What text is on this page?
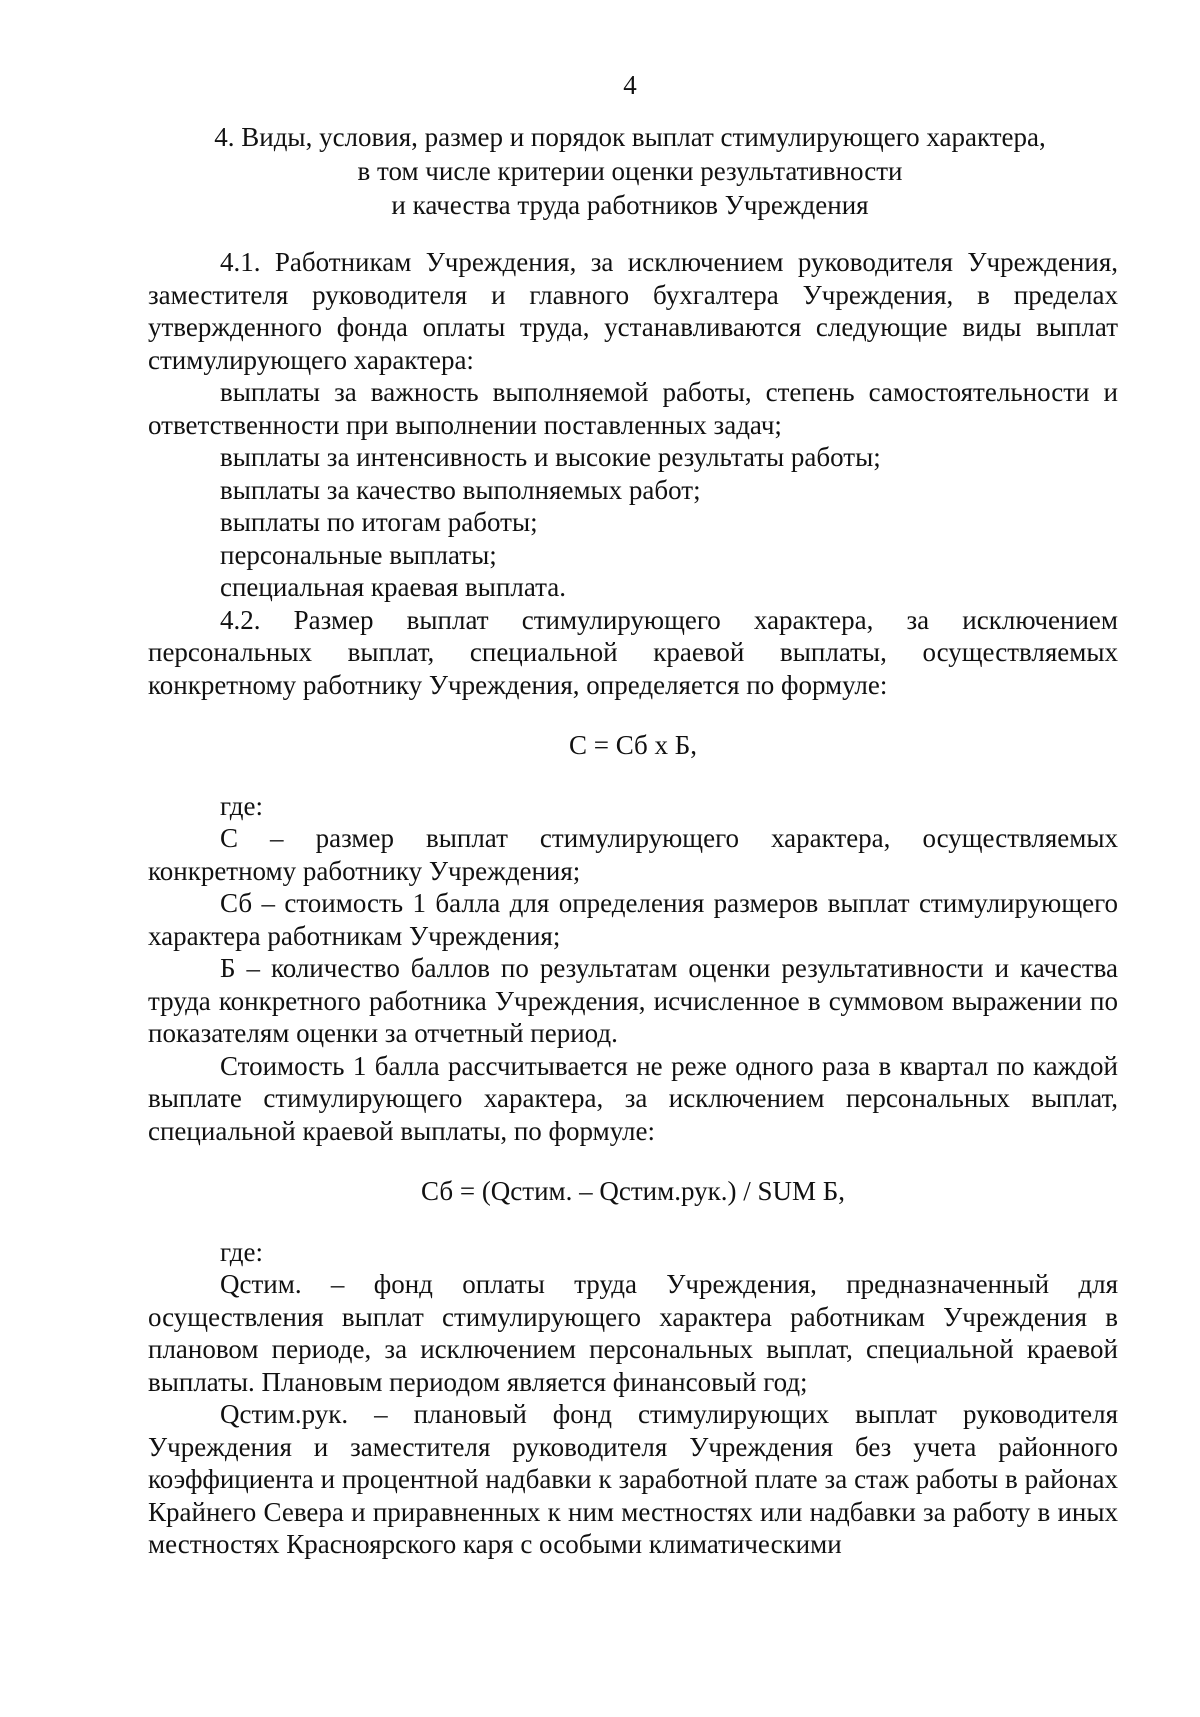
4
4. Виды, условия, размер и порядок выплат стимулирующего характера,
в том числе критерии оценки результативности
и качества труда работников Учреждения

4.1. Работникам Учреждения, за исключением руководителя Учреждения, заместителя руководителя и главного бухгалтера Учреждения, в пределах утвержденного фонда оплаты труда, устанавливаются следующие виды выплат стимулирующего характера:

выплаты за важность выполняемой работы, степень самостоятельности и ответственности при выполнении поставленных задач;

выплаты за интенсивность и высокие результаты работы;

выплаты за качество выполняемых работ;

выплаты по итогам работы;

персональные выплаты;

специальная краевая выплата.

4.2. Размер выплат стимулирующего характера, за исключением персональных выплат, специальной краевой выплаты, осуществляемых конкретному работнику Учреждения, определяется по формуле:

С = Сб х Б,

где:

С – размер выплат стимулирующего характера, осуществляемых конкретному работнику Учреждения;

Сб – стоимость 1 балла для определения размеров выплат стимулирующего характера работникам Учреждения;

Б – количество баллов по результатам оценки результативности и качества труда конкретного работника Учреждения, исчисленное в суммовом выражении по показателям оценки за отчетный период.

Стоимость 1 балла рассчитывается не реже одного раза в квартал по каждой выплате стимулирующего характера, за исключением персональных выплат, специальной краевой выплаты, по формуле:

Сб = (Qстим. – Qстим.рук.) / SUM Б,

где:

Qстим. – фонд оплаты труда Учреждения, предназначенный для осуществления выплат стимулирующего характера работникам Учреждения в плановом периоде, за исключением персональных выплат, специальной краевой выплаты. Плановым периодом является финансовый год;

Qстим.рук. – плановый фонд стимулирующих выплат руководителя Учреждения и заместителя руководителя Учреждения без учета районного коэффициента и процентной надбавки к заработной плате за стаж работы в районах Крайнего Севера и приравненных к ним местностях или надбавки за работу в иных местностях Красноярского каря с особыми климатическими
